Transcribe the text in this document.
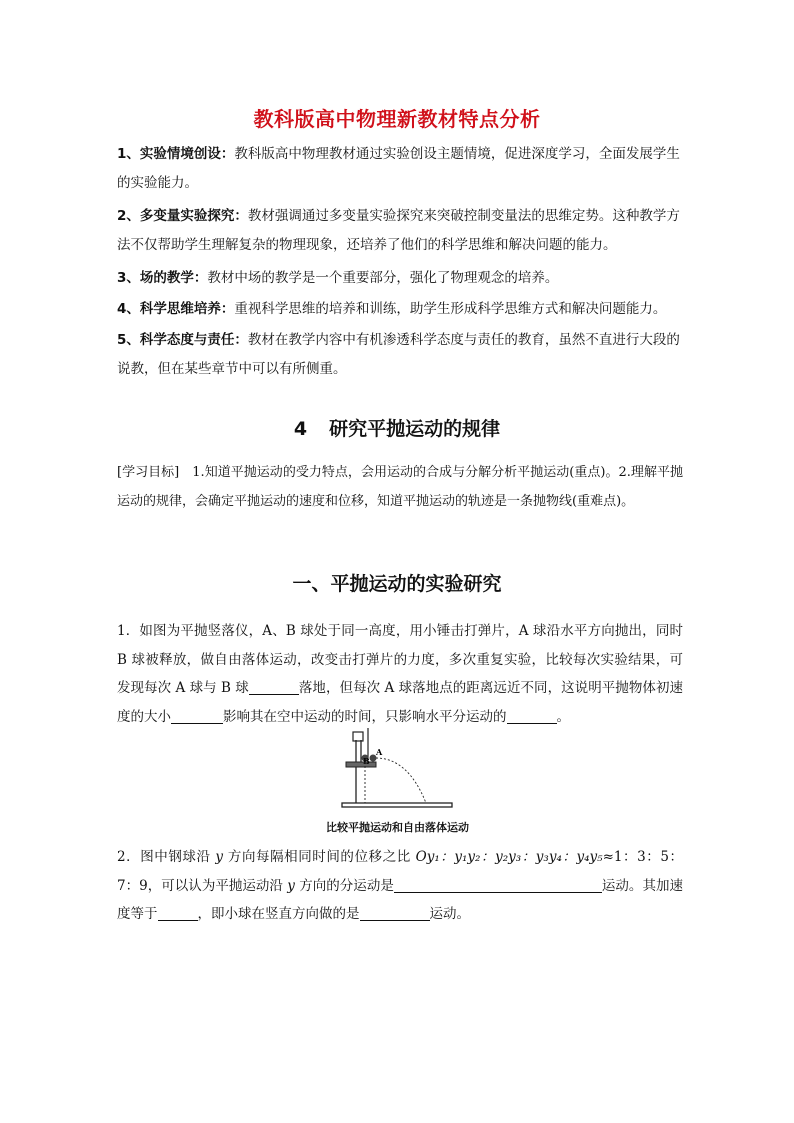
教科版高中物理新教材特点分析
1、实验情境创设：教科版高中物理教材通过实验创设主题情境，促进深度学习，全面发展学生的实验能力。
2、多变量实验探究：教材强调通过多变量实验探究来突破控制变量法的思维定势。这种教学方法不仅帮助学生理解复杂的物理现象，还培养了他们的科学思维和解决问题的能力。
3、场的教学：教材中场的教学是一个重要部分，强化了物理观念的培养。
4、科学思维培养：重视科学思维的培养和训练，助学生形成科学思维方式和解决问题能力。
5、科学态度与责任：教材在教学内容中有机渗透科学态度与责任的教育，虽然不直进行大段的说教，但在某些章节中可以有所侧重。
4 研究平抛运动的规律
[学习目标]　1.知道平抛运动的受力特点，会用运动的合成与分解分析平抛运动(重点)。2.理解平抛运动的规律，会确定平抛运动的速度和位移，知道平抛运动的轨迹是一条抛物线(重难点)。
一、平抛运动的实验研究
1．如图为平抛竖落仪，A、B 球处于同一高度，用小锤击打弹片，A 球沿水平方向抛出，同时 B 球被释放，做自由落体运动，改变击打弹片的力度，多次重复实验，比较每次实验结果，可发现每次 A 球与 B 球	落地，但每次 A 球落地点的距离远近不同，这说明平抛物体初速度的大小	影响其在空中运动的时间，只影响水平分运动的	。
B
A
比较平抛运动和自由落体运动
2．图中钢球沿 y 方向每隔相同时间的位移之比 Oy₁：y₁y₂：y₂y₃：y₃y₄：y₄y₅≈1：3：5：7：9，可以认为平抛运动沿 y 方向的分运动是	运动。其加速度等于	，即小球在竖直方向做的是	运动。
